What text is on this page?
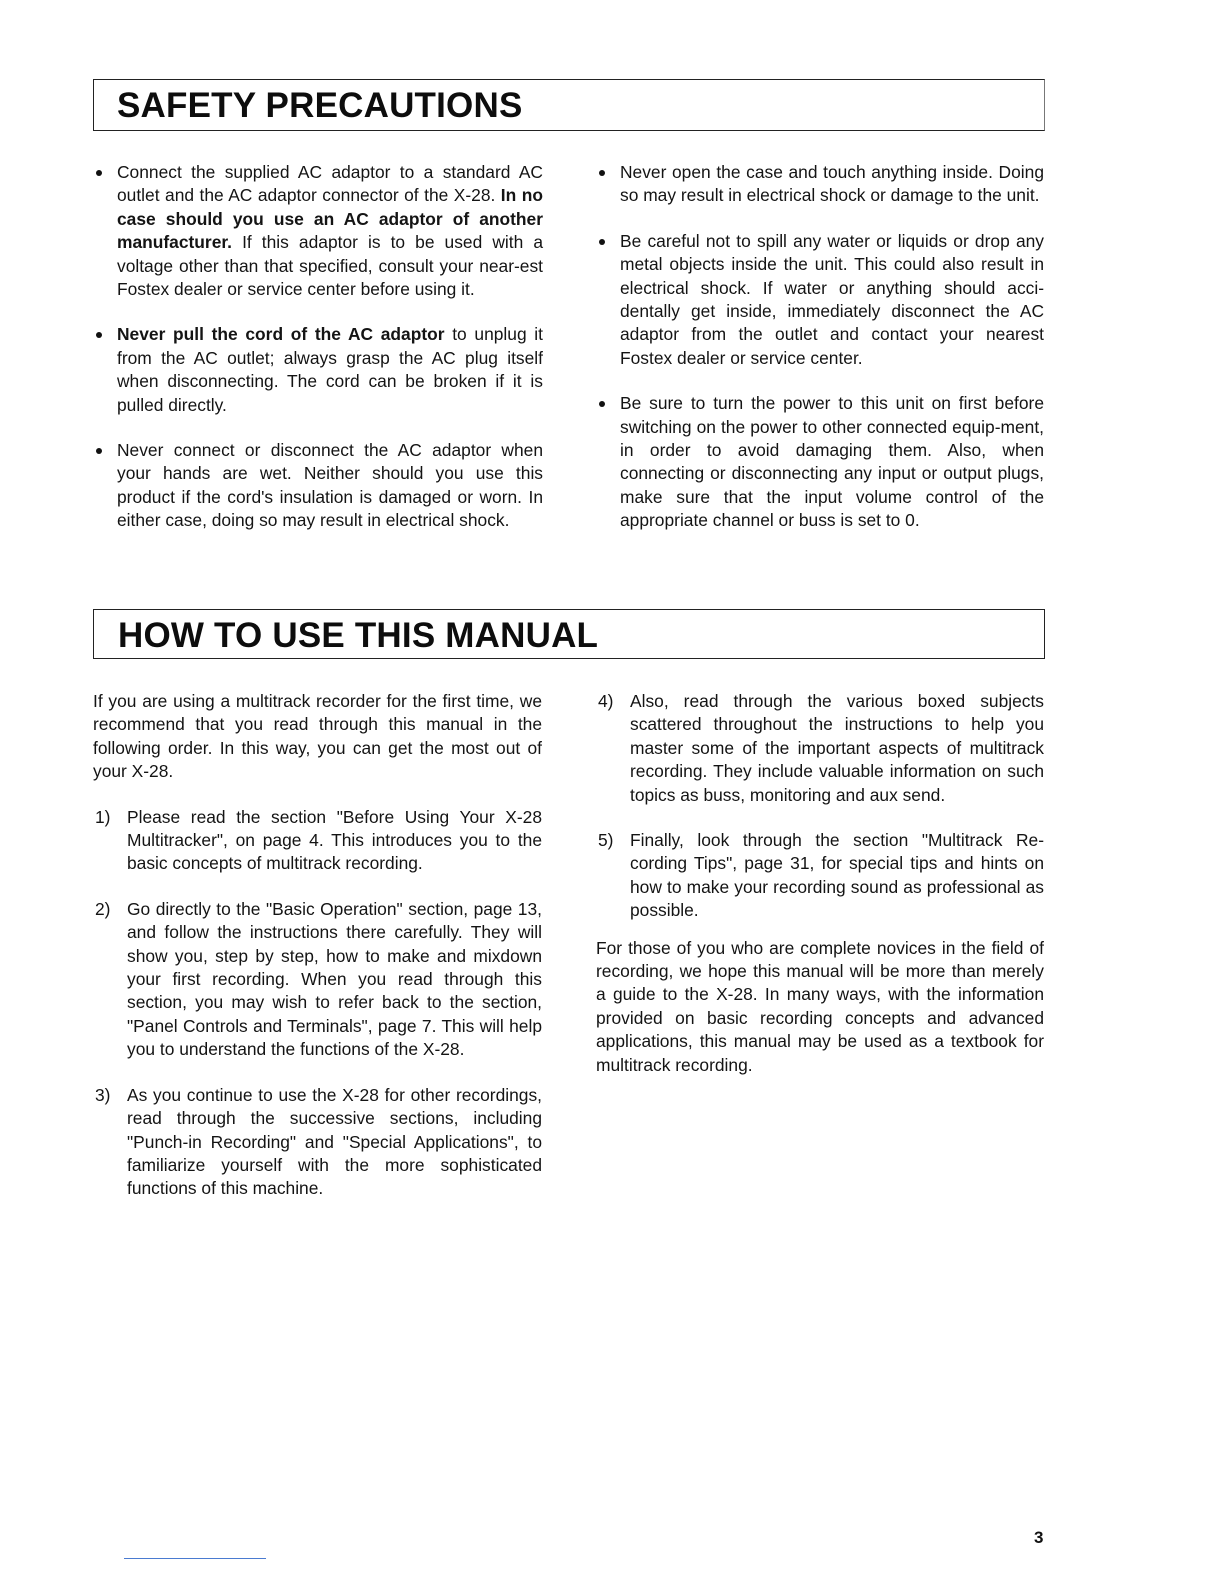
SAFETY PRECAUTIONS
Connect the supplied AC adaptor to a standard AC outlet and the AC adaptor connector of the X-28. In no case should you use an AC adaptor of another manufacturer. If this adaptor is to be used with a voltage other than that specified, consult your near-est Fostex dealer or service center before using it.
Never pull the cord of the AC adaptor to unplug it from the AC outlet; always grasp the AC plug itself when disconnecting. The cord can be broken if it is pulled directly.
Never connect or disconnect the AC adaptor when your hands are wet. Neither should you use this product if the cord's insulation is damaged or worn. In either case, doing so may result in electrical shock.
Never open the case and touch anything inside. Doing so may result in electrical shock or damage to the unit.
Be careful not to spill any water or liquids or drop any metal objects inside the unit. This could also result in electrical shock. If water or anything should acci-dentally get inside, immediately disconnect the AC adaptor from the outlet and contact your nearest Fostex dealer or service center.
Be sure to turn the power to this unit on first before switching on the power to other connected equip-ment, in order to avoid damaging them. Also, when connecting or disconnecting any input or output plugs, make sure that the input volume control of the appropriate channel or buss is set to 0.
HOW TO USE THIS MANUAL

If you are using a multitrack recorder for the first time, we recommend that you read through this manual in the following order. In this way, you can get the most out of your X-28.

1) Please read the section "Before Using Your X-28 Multitracker", on page 4. This introduces you to the basic concepts of multitrack recording.
2) Go directly to the "Basic Operation" section, page 13, and follow the instructions there carefully. They will show you, step by step, how to make and mixdown your first recording. When you read through this section, you may wish to refer back to the section, "Panel Controls and Terminals", page 7. This will help you to understand the functions of the X-28.
3) As you continue to use the X-28 for other recordings, read through the successive sections, including "Punch-in Recording" and "Special Applications", to familiarize yourself with the more sophisticated functions of this machine.
4) Also, read through the various boxed subjects scattered throughout the instructions to help you master some of the important aspects of multitrack recording. They include valuable information on such topics as buss, monitoring and aux send.
5) Finally, look through the section "Multitrack Re-cording Tips", page 31, for special tips and hints on how to make your recording sound as professional as possible.

For those of you who are complete novices in the field of recording, we hope this manual will be more than merely a guide to the X-28. In many ways, with the information provided on basic recording concepts and advanced applications, this manual may be used as a textbook for multitrack recording.

3
